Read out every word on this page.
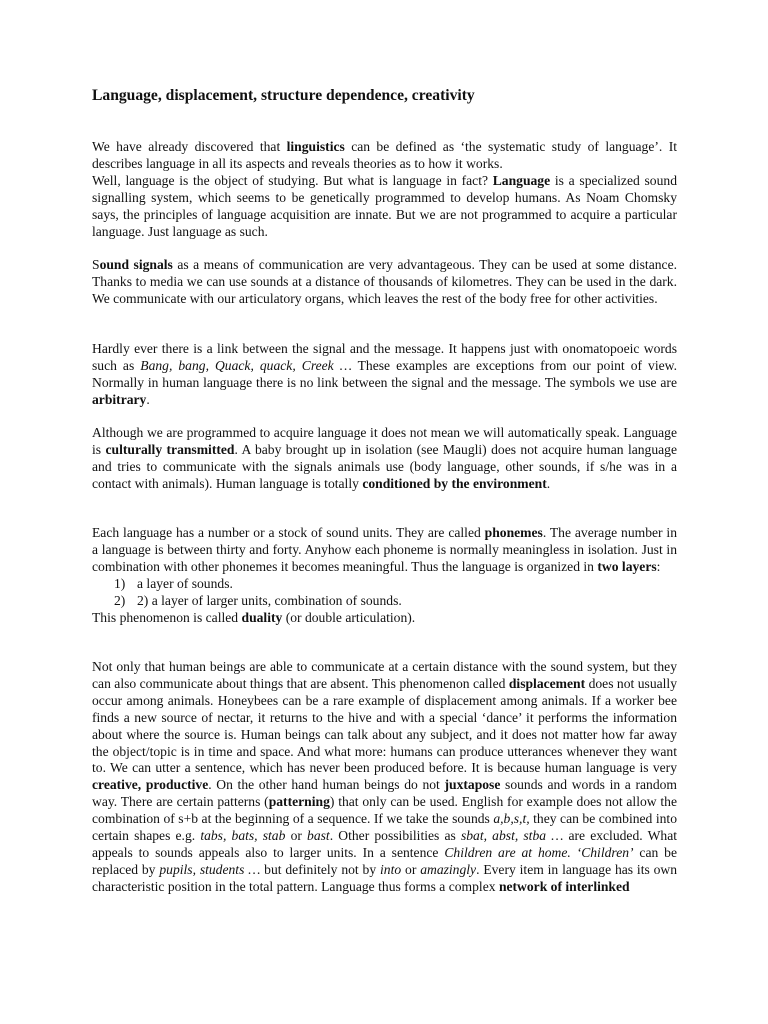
Language, displacement, structure dependence, creativity
We have already discovered that linguistics can be defined as ‘the systematic study of language’. It describes language in all its aspects and reveals theories as to how it works.
Well, language is the object of studying. But what is language in fact? Language is a specialized sound signalling system, which seems to be genetically programmed to develop humans. As Noam Chomsky says, the principles of language acquisition are innate. But we are not programmed to acquire a particular language. Just language as such.
Sound signals as a means of communication are very advantageous. They can be used at some distance. Thanks to media we can use sounds at a distance of thousands of kilometres. They can be used in the dark. We communicate with our articulatory organs, which leaves the rest of the body free for other activities.
Hardly ever there is a link between the signal and the message. It happens just with onomatopoeic words such as Bang, bang, Quack, quack, Creek … These examples are exceptions from our point of view. Normally in human language there is no link between the signal and the message. The symbols we use are arbitrary.
Although we are programmed to acquire language it does not mean we will automatically speak. Language is culturally transmitted. A baby brought up in isolation (see Maugli) does not acquire human language and tries to communicate with the signals animals use (body language, other sounds, if s/he was in a contact with animals). Human language is totally conditioned by the environment.
Each language has a number or a stock of sound units. They are called phonemes. The average number in a language is between thirty and forty. Anyhow each phoneme is normally meaningless in isolation. Just in combination with other phonemes it becomes meaningful. Thus the language is organized in two layers:
1) a layer of sounds.
2) 2) a layer of larger units, combination of sounds.
This phenomenon is called duality (or double articulation).
Not only that human beings are able to communicate at a certain distance with the sound system, but they can also communicate about things that are absent. This phenomenon called displacement does not usually occur among animals. Honeybees can be a rare example of displacement among animals. If a worker bee finds a new source of nectar, it returns to the hive and with a special ‘dance’ it performs the information about where the source is. Human beings can talk about any subject, and it does not matter how far away the object/topic is in time and space. And what more: humans can produce utterances whenever they want to. We can utter a sentence, which has never been produced before. It is because human language is very creative, productive. On the other hand human beings do not juxtapose sounds and words in a random way. There are certain patterns (patterning) that only can be used. English for example does not allow the combination of s+b at the beginning of a sequence. If we take the sounds a,b,s,t, they can be combined into certain shapes e.g. tabs, bats, stab or bast. Other possibilities as sbat, abst, stba … are excluded. What appeals to sounds appeals also to larger units. In a sentence Children are at home. ‘Children’ can be replaced by pupils, students … but definitely not by into or amazingly. Every item in language has its own characteristic position in the total pattern. Language thus forms a complex network of interlinked
